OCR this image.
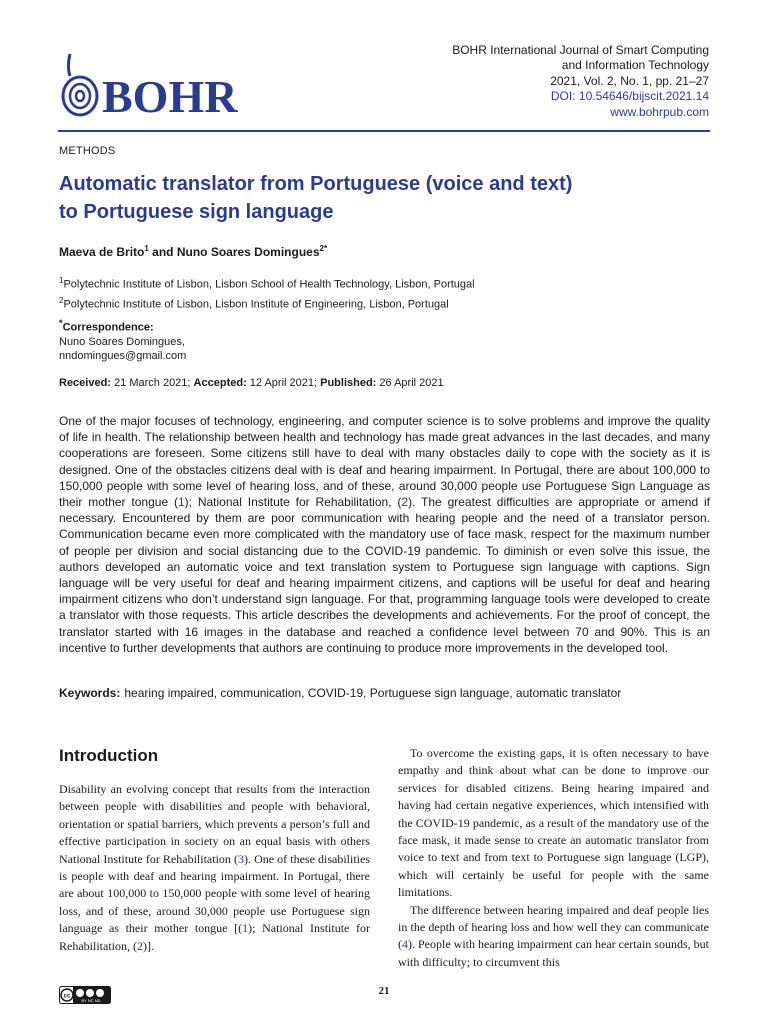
BOHR
BOHR International Journal of Smart Computing
and Information Technology
2021, Vol. 2, No. 1, pp. 21–27
DOI: 10.54646/bijscit.2021.14
www.bohrpub.com
METHODS
Automatic translator from Portuguese (voice and text)
to Portuguese sign language
Maeva de Brito$^1$ and Nuno Soares Domingues$^{2*}$
$^1$Polytechnic Institute of Lisbon, Lisbon School of Health Technology, Lisbon, Portugal
$^2$Polytechnic Institute of Lisbon, Lisbon Institute of Engineering, Lisbon, Portugal
*Correspondence:
Nuno Soares Domingues,
nndomingues@gmail.com
Received: 21 March 2021; Accepted: 12 April 2021; Published: 26 April 2021

One of the major focuses of technology, engineering, and computer science is to solve problems and improve the quality of life in health. The relationship between health and technology has made great advances in the last decades, and many cooperations are foreseen. Some citizens still have to deal with many obstacles daily to cope with the society as it is designed. One of the obstacles citizens deal with is deaf and hearing impairment. In Portugal, there are about 100,000 to 150,000 people with some level of hearing loss, and of these, around 30,000 people use Portuguese Sign Language as their mother tongue (1); National Institute for Rehabilitation, (2). The greatest difficulties are appropriate or amend if necessary. Encountered by them are poor communication with hearing people and the need of a translator person. Communication became even more complicated with the mandatory use of face mask, respect for the maximum number of people per division and social distancing due to the COVID-19 pandemic. To diminish or even solve this issue, the authors developed an automatic voice and text translation system to Portuguese sign language with captions. Sign language will be very useful for deaf and hearing impairment citizens, and captions will be useful for deaf and hearing impairment citizens who don’t understand sign language. For that, programming language tools were developed to create a translator with those requests. This article describes the developments and achievements. For the proof of concept, the translator started with 16 images in the database and reached a confidence level between 70 and 90%. This is an incentive to further developments that authors are continuing to produce more improvements in the developed tool.

Keywords: hearing impaired, communication, COVID-19, Portuguese sign language, automatic translator
Introduction

Disability an evolving concept that results from the interaction between people with disabilities and people with behavioral, orientation or spatial barriers, which prevents a person’s full and effective participation in society on an equal basis with others National Institute for Rehabilitation (3). One of these disabilities is people with deaf and hearing impairment. In Portugal, there are about 100,000 to 150,000 people with some level of hearing loss, and of these, around 30,000 people use Portuguese sign language as their mother tongue [(1); National Institute for Rehabilitation, (2)].

To overcome the existing gaps, it is often necessary to have empathy and think about what can be done to improve our services for disabled citizens. Being hearing impaired and having had certain negative experiences, which intensified with the COVID-19 pandemic, as a result of the mandatory use of the face mask, it made sense to create an automatic translator from voice to text and from text to Portuguese sign language (LGP), which will certainly be useful for people with the same limitations.

The difference between hearing impaired and deaf people lies in the depth of hearing loss and how well they can communicate (4). People with hearing impairment can hear certain sounds, but with difficulty; to circumvent this

cc
BY NC ND
21
